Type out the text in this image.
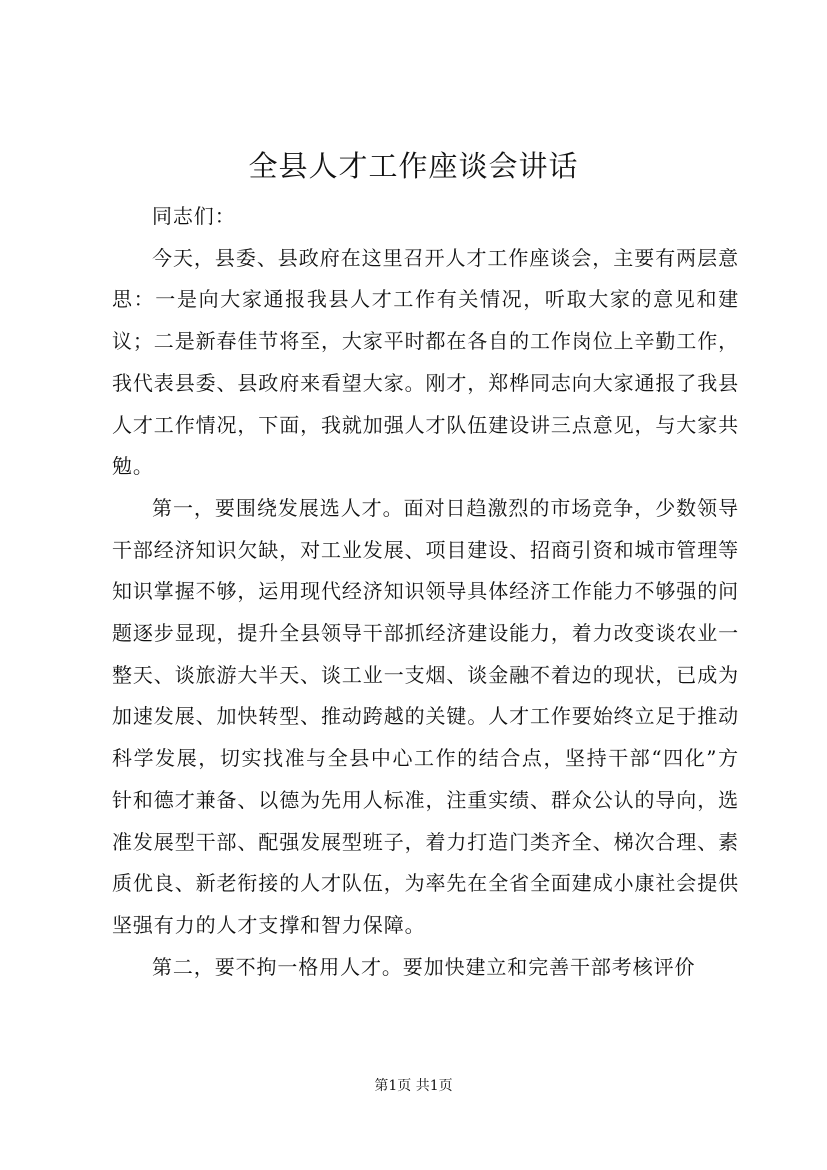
全县人才工作座谈会讲话

同志们：

今天，县委、县政府在这里召开人才工作座谈会，主要有两层意思：一是向大家通报我县人才工作有关情况，听取大家的意见和建议；二是新春佳节将至，大家平时都在各自的工作岗位上辛勤工作，我代表县委、县政府来看望大家。刚才，郑桦同志向大家通报了我县人才工作情况，下面，我就加强人才队伍建设讲三点意见，与大家共勉。

第一，要围绕发展选人才。面对日趋激烈的市场竞争，少数领导干部经济知识欠缺，对工业发展、项目建设、招商引资和城市管理等知识掌握不够，运用现代经济知识领导具体经济工作能力不够强的问题逐步显现，提升全县领导干部抓经济建设能力，着力改变谈农业一整天、谈旅游大半天、谈工业一支烟、谈金融不着边的现状，已成为加速发展、加快转型、推动跨越的关键。人才工作要始终立足于推动科学发展，切实找准与全县中心工作的结合点，坚持干部“四化”方针和德才兼备、以德为先用人标准，注重实绩、群众公认的导向，选准发展型干部、配强发展型班子，着力打造门类齐全、梯次合理、素质优良、新老衔接的人才队伍，为率先在全省全面建成小康社会提供坚强有力的人才支撑和智力保障。

第二，要不拘一格用人才。要加快建立和完善干部考核评价

第1页 共1页
